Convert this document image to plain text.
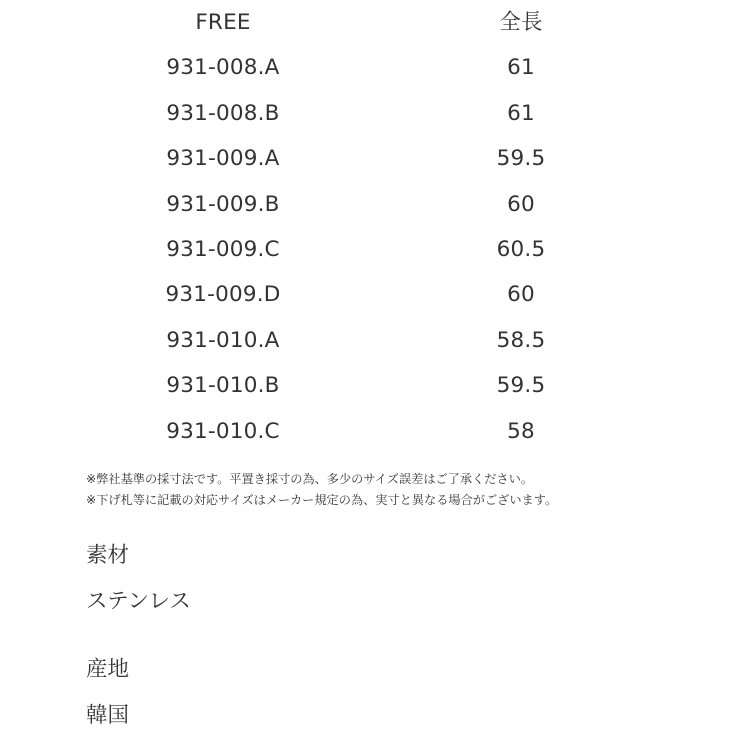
FREE	全長
931-008.A	61
931-008.B	61
931-009.A	59.5
931-009.B	60
931-009.C	60.5
931-009.D	60
931-010.A	58.5
931-010.B	59.5
931-010.C	58
※弊社基準の採寸法です。平置き採寸の為、多少のサイズ誤差はご了承ください。
※下げ札等に記載の対応サイズはメーカー規定の為、実寸と異なる場合がございます。
素材
ステンレス
産地
韓国
